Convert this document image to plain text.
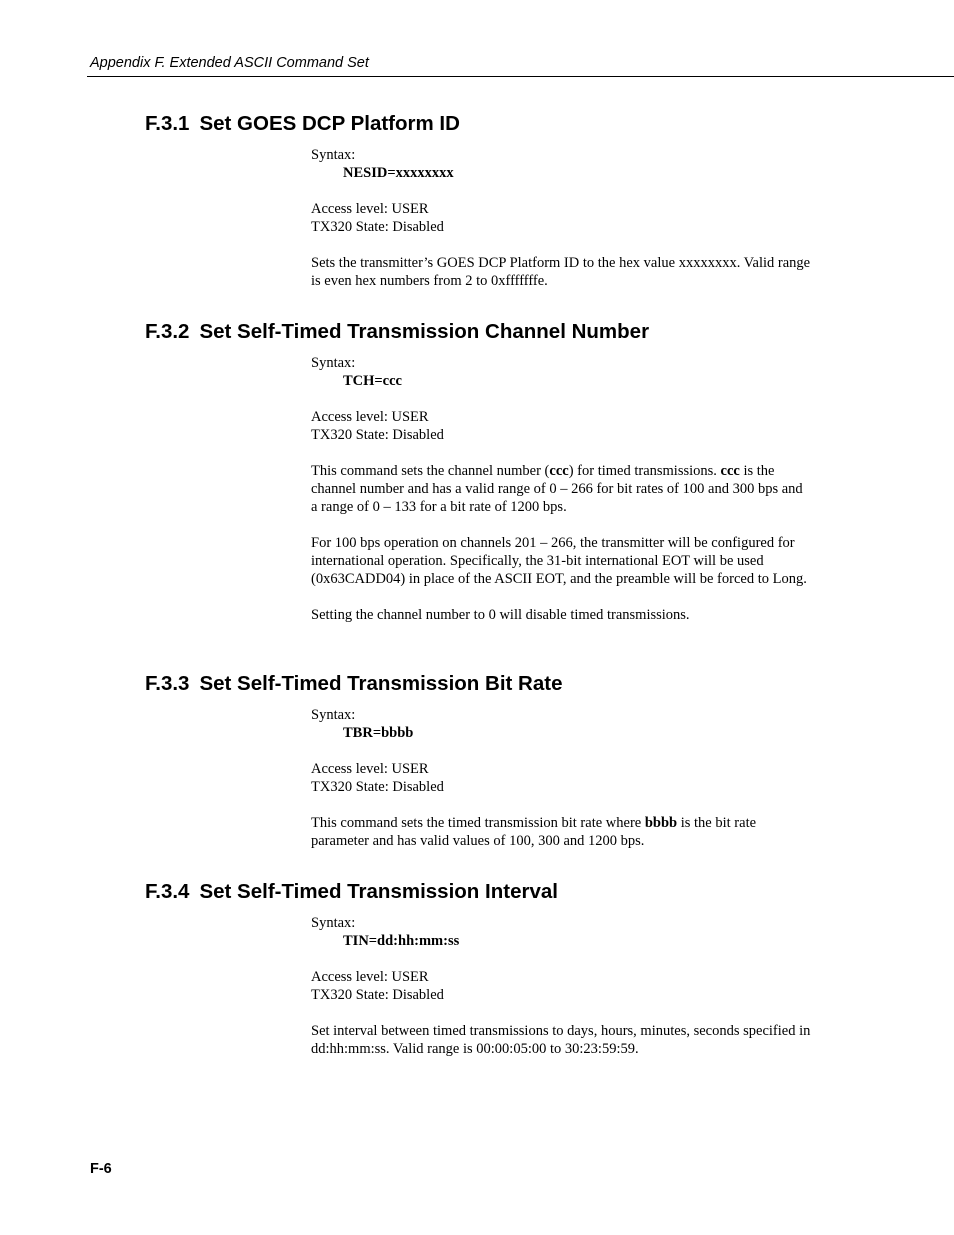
Appendix F. Extended ASCII Command Set
F.3.1 Set GOES DCP Platform ID
Syntax:

NESID=xxxxxxxx

Access level: USER

TX320 State: Disabled

Sets the transmitter’s GOES DCP Platform ID to the hex value xxxxxxxx. Valid range is even hex numbers from 2 to 0xfffffffe.

F.3.2 Set Self-Timed Transmission Channel Number
Syntax:

TCH=ccc

Access level: USER

TX320 State: Disabled

This command sets the channel number (ccc) for timed transmissions. ccc is the channel number and has a valid range of 0 – 266 for bit rates of 100 and 300 bps and a range of 0 – 133 for a bit rate of 1200 bps.

For 100 bps operation on channels 201 – 266, the transmitter will be configured for international operation. Specifically, the 31-bit international EOT will be used (0x63CADD04) in place of the ASCII EOT, and the preamble will be forced to Long.

Setting the channel number to 0 will disable timed transmissions.

F.3.3 Set Self-Timed Transmission Bit Rate
Syntax:

TBR=bbbb

Access level: USER

TX320 State: Disabled

This command sets the timed transmission bit rate where bbbb is the bit rate parameter and has valid values of 100, 300 and 1200 bps.

F.3.4 Set Self-Timed Transmission Interval
Syntax:

TIN=dd:hh:mm:ss

Access level: USER

TX320 State: Disabled

Set interval between timed transmissions to days, hours, minutes, seconds specified in dd:hh:mm:ss. Valid range is 00:00:05:00 to 30:23:59:59.

F-6
